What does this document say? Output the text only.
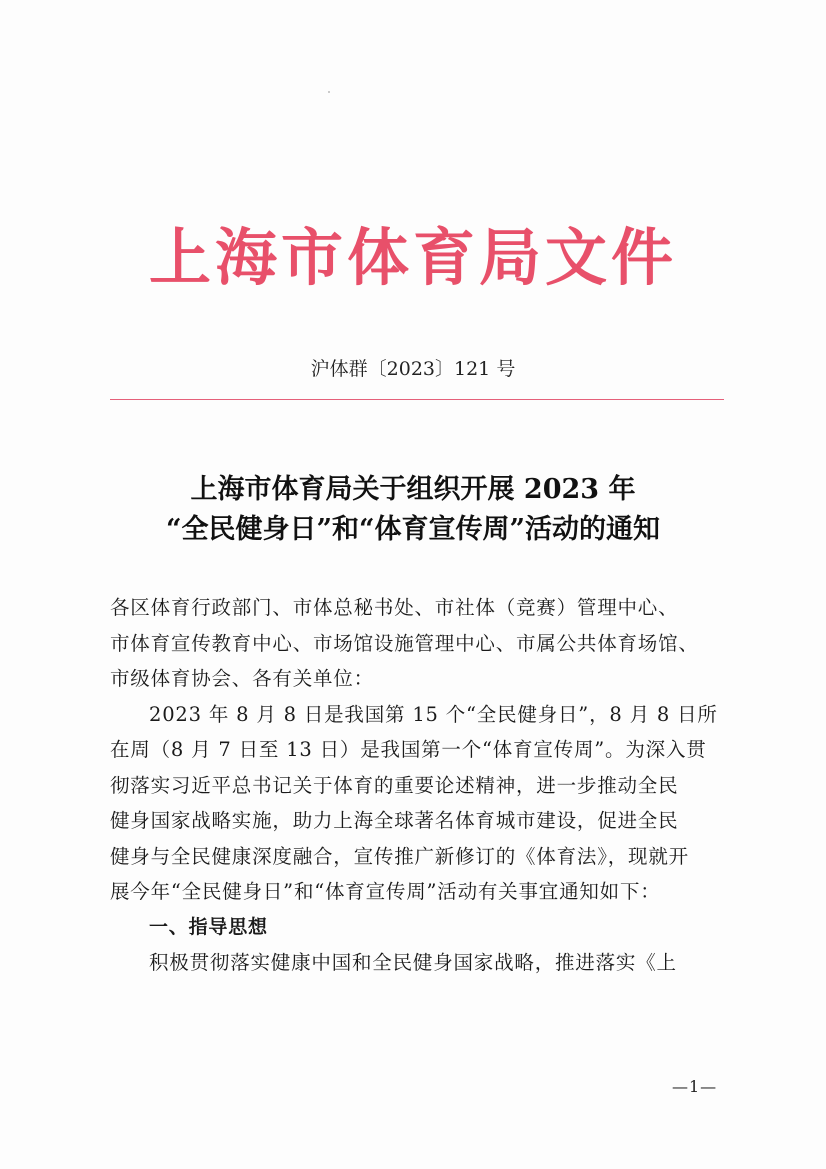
上海市体育局文件
沪体群〔2023〕121 号
上海市体育局关于组织开展 2023 年
“全民健身日”和“体育宣传周”活动的通知
各区体育行政部门、市体总秘书处、市社体（竞赛）管理中心、
市体育宣传教育中心、市场馆设施管理中心、市属公共体育场馆、
市级体育协会、各有关单位：
2023 年 8 月 8 日是我国第 15 个“全民健身日”，8 月 8 日所
在周（8 月 7 日至 13 日）是我国第一个“体育宣传周”。为深入贯
彻落实习近平总书记关于体育的重要论述精神，进一步推动全民
健身国家战略实施，助力上海全球著名体育城市建设，促进全民
健身与全民健康深度融合，宣传推广新修订的《体育法》，现就开
展今年“全民健身日”和“体育宣传周”活动有关事宜通知如下：
一、指导思想
积极贯彻落实健康中国和全民健身国家战略，推进落实《上
—1—
